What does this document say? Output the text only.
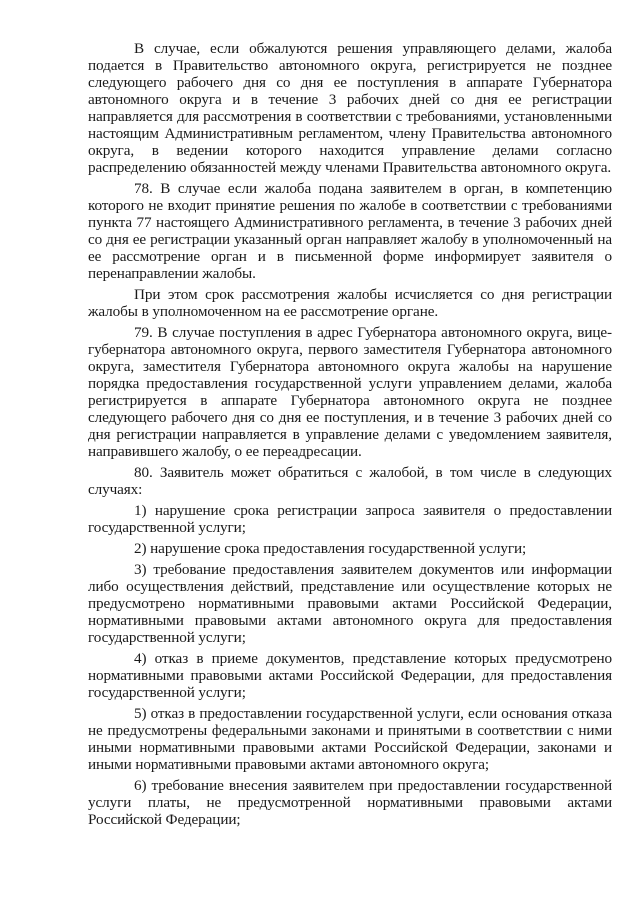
В случае, если обжалуются решения управляющего делами, жалоба подается в Правительство автономного округа, регистрируется не позднее следующего рабочего дня со дня ее поступления в аппарате Губернатора автономного округа и в течение 3 рабочих дней со дня ее регистрации направляется для рассмотрения в соответствии с требованиями, установленными настоящим Административным регламентом, члену Правительства автономного округа, в ведении которого находится управление делами согласно распределению обязанностей между членами Правительства автономного округа.

78. В случае если жалоба подана заявителем в орган, в компетенцию которого не входит принятие решения по жалобе в соответствии с требованиями пункта 77 настоящего Административного регламента, в течение 3 рабочих дней со дня ее регистрации указанный орган направляет жалобу в уполномоченный на ее рассмотрение орган и в письменной форме информирует заявителя о перенаправлении жалобы.

При этом срок рассмотрения жалобы исчисляется со дня регистрации жалобы в уполномоченном на ее рассмотрение органе.

79. В случае поступления в адрес Губернатора автономного округа, вице-губернатора автономного округа, первого заместителя Губернатора автономного округа, заместителя Губернатора автономного округа жалобы на нарушение порядка предоставления государственной услуги управлением делами, жалоба регистрируется в аппарате Губернатора автономного округа не позднее следующего рабочего дня со дня ее поступления, и в течение 3 рабочих дней со дня регистрации направляется в управление делами с уведомлением заявителя, направившего жалобу, о ее переадресации.

80. Заявитель может обратиться с жалобой, в том числе в следующих случаях:

1) нарушение срока регистрации запроса заявителя о предоставлении государственной услуги;

2) нарушение срока предоставления государственной услуги;

3) требование предоставления заявителем документов или информации либо осуществления действий, представление или осуществление которых не предусмотрено нормативными правовыми актами Российской Федерации, нормативными правовыми актами автономного округа для предоставления государственной услуги;

4) отказ в приеме документов, представление которых предусмотрено нормативными правовыми актами Российской Федерации, для предоставления государственной услуги;

5) отказ в предоставлении государственной услуги, если основания отказа не предусмотрены федеральными законами и принятыми в соответствии с ними иными нормативными правовыми актами Российской Федерации, законами и иными нормативными правовыми актами автономного округа;

6) требование внесения заявителем при предоставлении государственной услуги платы, не предусмотренной нормативными правовыми актами Российской Федерации;
